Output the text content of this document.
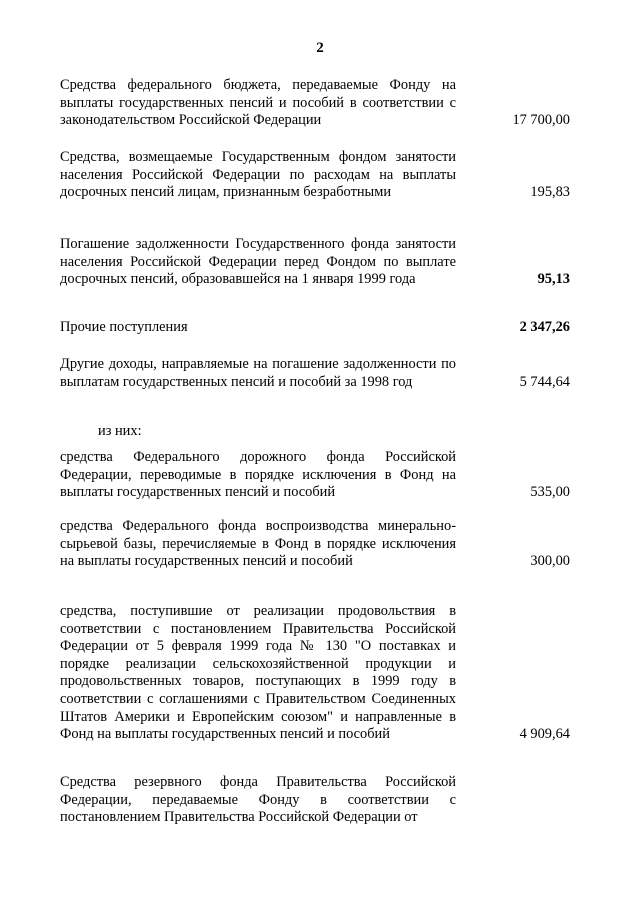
2
Средства федерального бюджета, передаваемые Фонду на выплаты государственных пенсий и пособий в соответствии с законодательством Российской Федерации	17 700,00
Средства, возмещаемые Государственным фондом занятости населения Российской Федерации по расходам на выплаты досрочных пенсий лицам, признанным безработными	195,83
Погашение задолженности Государственного фонда занятости населения Российской Федерации перед Фондом по выплате досрочных пенсий, образовавшейся на 1 января 1999 года	95,13
Прочие поступления	2 347,26
Другие доходы, направляемые на погашение задолженности по выплатам государственных пенсий и пособий за 1998 год	5 744,64
из них:
средства Федерального дорожного фонда Российской Федерации, переводимые в порядке исключения в Фонд на выплаты государственных пенсий и пособий	535,00
средства Федерального фонда воспроизводства минерально-сырьевой базы, перечисляемые в Фонд в порядке исключения на выплаты государственных пенсий и пособий	300,00
средства, поступившие от реализации продовольствия в соответствии с постановлением Правительства Российской Федерации от 5 февраля 1999 года № 130 "О поставках и порядке реализации сельскохозяйственной продукции и продовольственных товаров, поступающих в 1999 году в соответствии с соглашениями с Правительством Соединенных Штатов Америки и Европейским союзом" и направленные в Фонд на выплаты государственных пенсий и пособий	4 909,64
Средства резервного фонда Правительства Российской Федерации, передаваемые Фонду в соответствии с постановлением Правительства Российской Федерации от
